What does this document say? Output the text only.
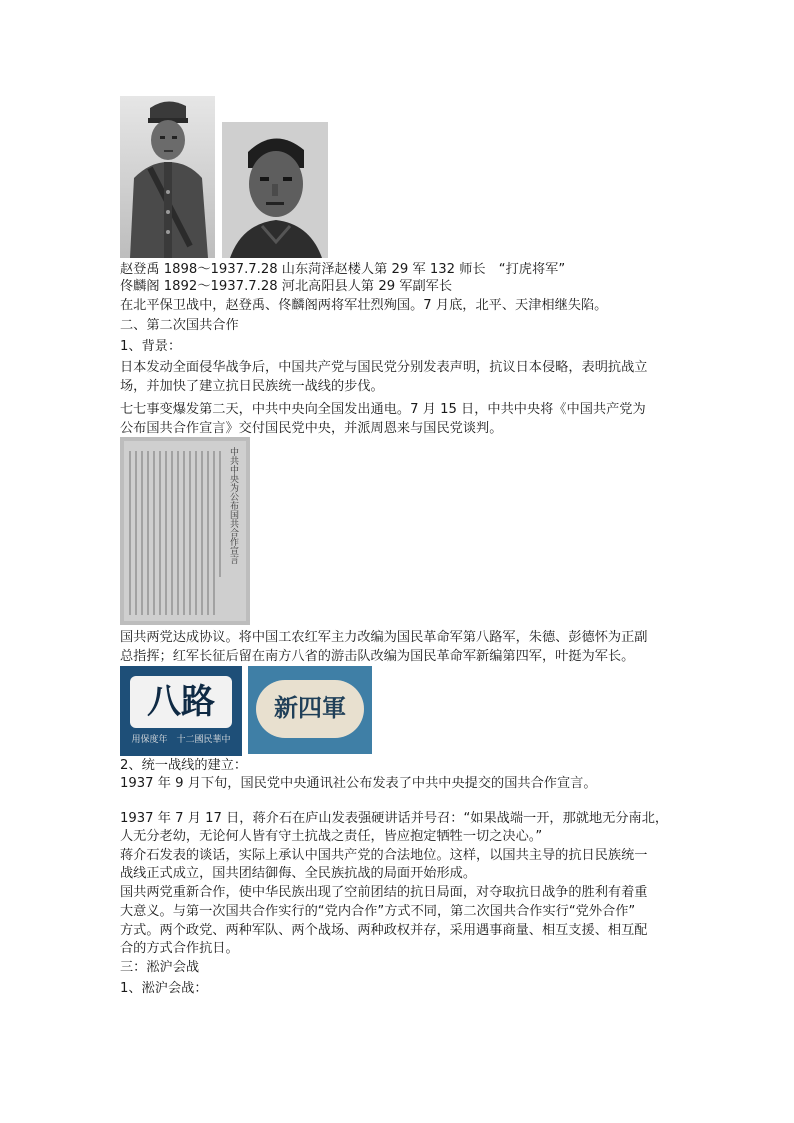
赵登禹 1898～1937.7.28 山东菏泽赵楼人第 29 军 132 师长　“打虎将军”
佟麟阁 1892～1937.7.28 河北高阳县人第 29 军副军长
在北平保卫战中，赵登禹、佟麟阁两将军壮烈殉国。7 月底，北平、天津相继失陷。
二、第二次国共合作
1、背景：
日本发动全面侵华战争后，中国共产党与国民党分别发表声明，抗议日本侵略，表明抗战立
场，并加快了建立抗日民族统一战线的步伐。
七七事变爆发第二天，中共中央向全国发出通电。7 月 15 日，中共中央将《中国共产党为
公布国共合作宣言》交付国民党中央，并派周恩来与国民党谈判。
中共中央为公布国共合作宣言
国共两党达成协议。将中国工农红军主力改编为国民革命军第八路军，朱德、彭德怀为正副
总指挥；红军长征后留在南方八省的游击队改编为国民革命军新编第四军，叶挺为军长。
八路
用保度年　十二國民華中
新四軍
2、统一战线的建立：
1937 年 9 月下旬，国民党中央通讯社公布发表了中共中央提交的国共合作宣言。
1937 年 7 月 17 日，蒋介石在庐山发表强硬讲话并号召：“如果战端一开，那就地无分南北，
人无分老幼，无论何人皆有守土抗战之责任，皆应抱定牺牲一切之决心。”
蒋介石发表的谈话，实际上承认中国共产党的合法地位。这样，以国共主导的抗日民族统一
战线正式成立，国共团结御侮、全民族抗战的局面开始形成。
国共两党重新合作，使中华民族出现了空前团结的抗日局面，对夺取抗日战争的胜利有着重
大意义。与第一次国共合作实行的“党内合作”方式不同，第二次国共合作实行“党外合作”
方式。两个政党、两种军队、两个战场、两种政权并存，采用遇事商量、相互支援、相互配
合的方式合作抗日。
三：淞沪会战
1、淞沪会战：
